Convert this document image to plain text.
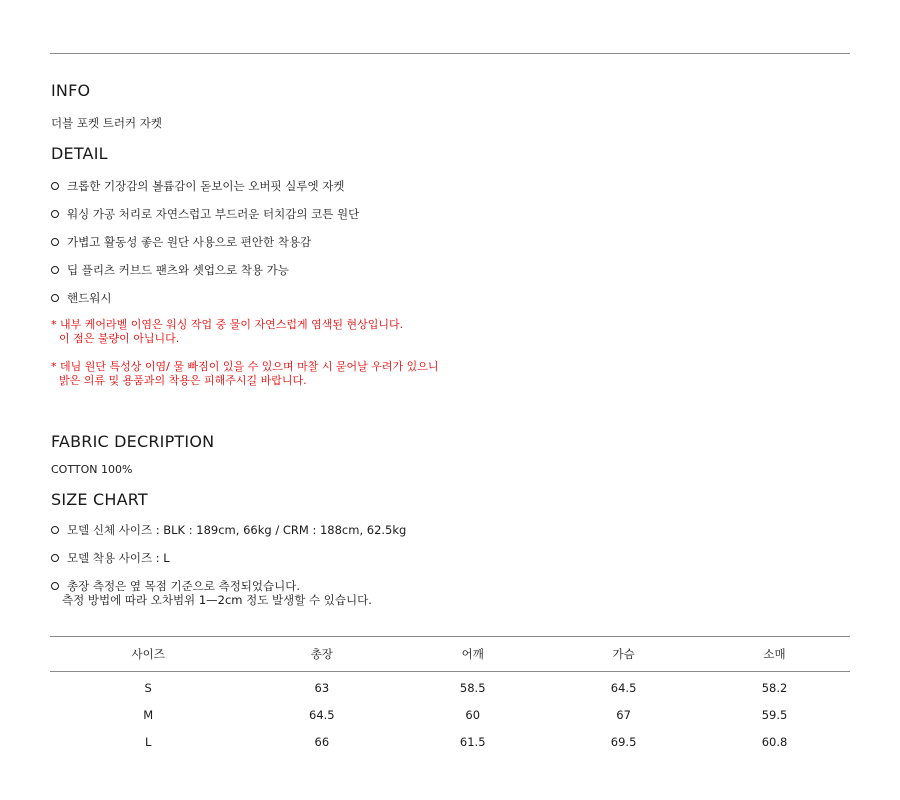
INFO
더블 포켓 트러커 자켓
DETAIL
크롭한 기장감의 볼륨감이 돋보이는 오버핏 실루엣 자켓
워싱 가공 처리로 자연스럽고 부드러운 터치감의 코튼 원단
가볍고 활동성 좋은 원단 사용으로 편안한 착용감
딥 플리츠 커브드 팬츠와 셋업으로 착용 가능
핸드워시
* 내부 케어라벨 이염은 워싱 작업 중 물이 자연스럽게 염색된 현상입니다.
이 점은 불량이 아닙니다.
* 데님 원단 특성상 이염/ 물 빠짐이 있을 수 있으며 마찰 시 묻어날 우려가 있으니
밝은 의류 및 용품과의 착용은 피해주시길 바랍니다.
FABRIC DECRIPTION
COTTON 100%
SIZE CHART
모델 신체 사이즈 : BLK : 189cm, 66kg / CRM : 188cm, 62.5kg
모델 착용 사이즈 : L
총장 측정은 옆 목점 기준으로 측정되었습니다.
측정 방법에 따라 오차범위 1—2cm 정도 발생할 수 있습니다.
사이즈	총장	어깨	가슴	소매
S	63	58.5	64.5	58.2
M	64.5	60	67	59.5
L	66	61.5	69.5	60.8
